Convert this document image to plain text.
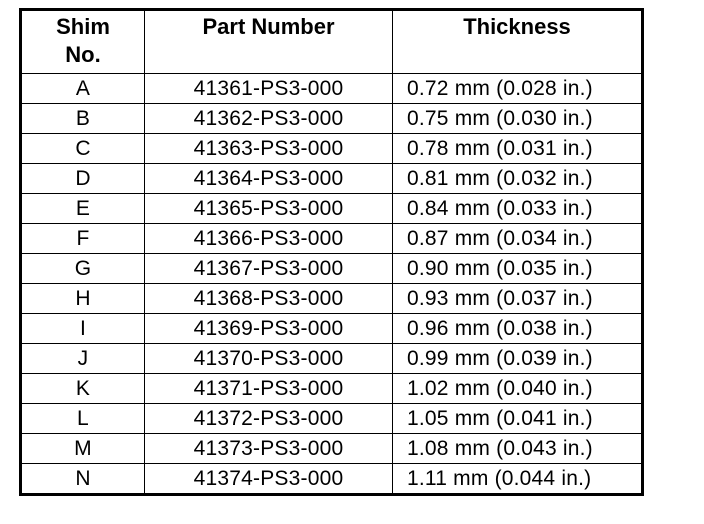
Shim
No.	Part Number	Thickness
A	41361-PS3-000	0.72 mm (0.028 in.)
B	41362-PS3-000	0.75 mm (0.030 in.)
C	41363-PS3-000	0.78 mm (0.031 in.)
D	41364-PS3-000	0.81 mm (0.032 in.)
E	41365-PS3-000	0.84 mm (0.033 in.)
F	41366-PS3-000	0.87 mm (0.034 in.)
G	41367-PS3-000	0.90 mm (0.035 in.)
H	41368-PS3-000	0.93 mm (0.037 in.)
I	41369-PS3-000	0.96 mm (0.038 in.)
J	41370-PS3-000	0.99 mm (0.039 in.)
K	41371-PS3-000	1.02 mm (0.040 in.)
L	41372-PS3-000	1.05 mm (0.041 in.)
M	41373-PS3-000	1.08 mm (0.043 in.)
N	41374-PS3-000	1.11 mm (0.044 in.)
